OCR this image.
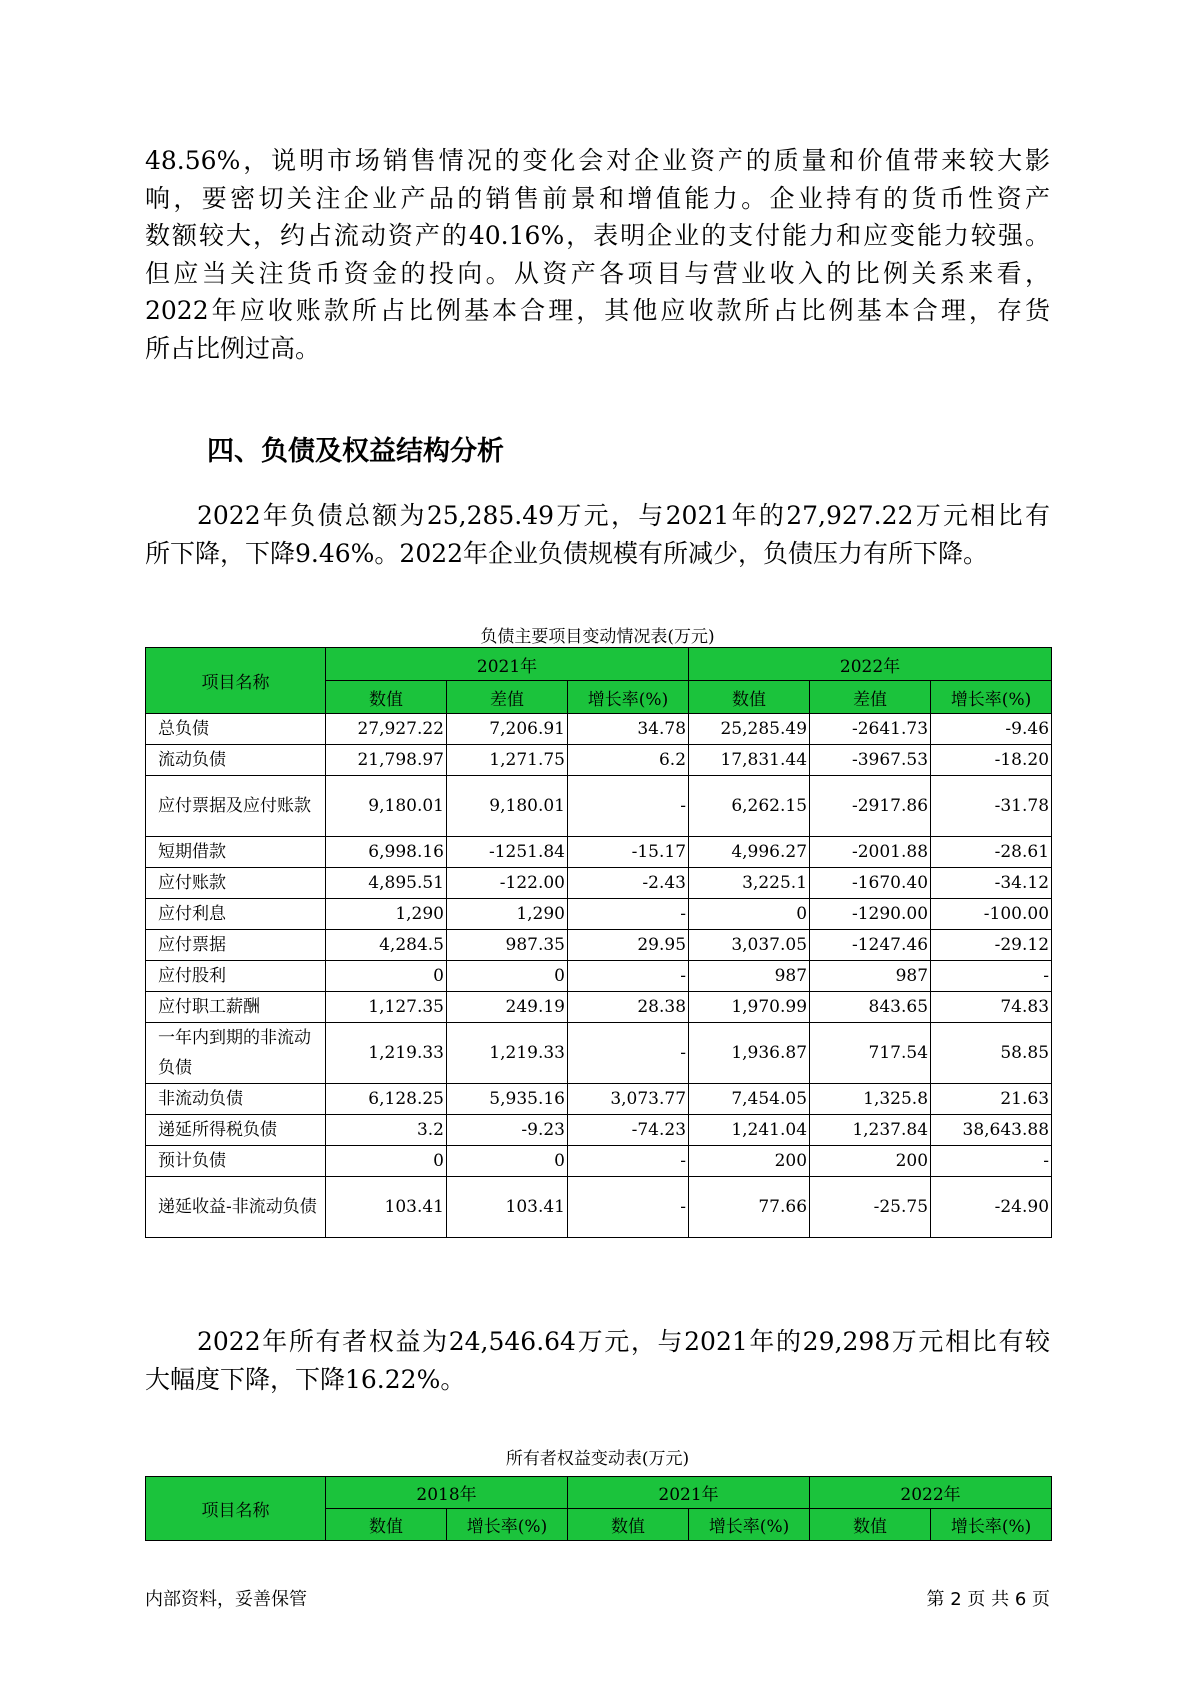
48.56%，说明市场销售情况的变化会对企业资产的质量和价值带来较大影
响，要密切关注企业产品的销售前景和增值能力。企业持有的货币性资产
数额较大，约占流动资产的40.16%，表明企业的支付能力和应变能力较强。
但应当关注货币资金的投向。从资产各项目与营业收入的比例关系来看，
2022年应收账款所占比例基本合理，其他应收款所占比例基本合理，存货
所占比例过高。
四、负债及权益结构分析
2022年负债总额为25,285.49万元，与2021年的27,927.22万元相比有
所下降，下降9.46%。2022年企业负债规模有所减少，负债压力有所下降。
负债主要项目变动情况表(万元)
项目名称	2021年			2022年		
	数值	差值	增长率(%)	数值	差值	增长率(%)
总负债	27,927.22	7,206.91	34.78	25,285.49	-2641.73	-9.46
流动负债	21,798.97	1,271.75	6.2	17,831.44	-3967.53	-18.20
应付票据及应付账款	9,180.01	9,180.01	-	6,262.15	-2917.86	-31.78
短期借款	6,998.16	-1251.84	-15.17	4,996.27	-2001.88	-28.61
应付账款	4,895.51	-122.00	-2.43	3,225.1	-1670.40	-34.12
应付利息	1,290	1,290	-	0	-1290.00	-100.00
应付票据	4,284.5	987.35	29.95	3,037.05	-1247.46	-29.12
应付股利	0	0	-	987	987	-
应付职工薪酬	1,127.35	249.19	28.38	1,970.99	843.65	74.83
一年内到期的非流动负债	1,219.33	1,219.33	-	1,936.87	717.54	58.85
非流动负债	6,128.25	5,935.16	3,073.77	7,454.05	1,325.8	21.63
递延所得税负债	3.2	-9.23	-74.23	1,241.04	1,237.84	38,643.88
预计负债	0	0	-	200	200	-
递延收益-非流动负债	103.41	103.41	-	77.66	-25.75	-24.90
2022年所有者权益为24,546.64万元，与2021年的29,298万元相比有较
大幅度下降，下降16.22%。
所有者权益变动表(万元)
项目名称	2018年		2021年		2022年	
	数值	增长率(%)	数值	增长率(%)	数值	增长率(%)
内部资料，妥善保管	第 2 页 共 6 页
